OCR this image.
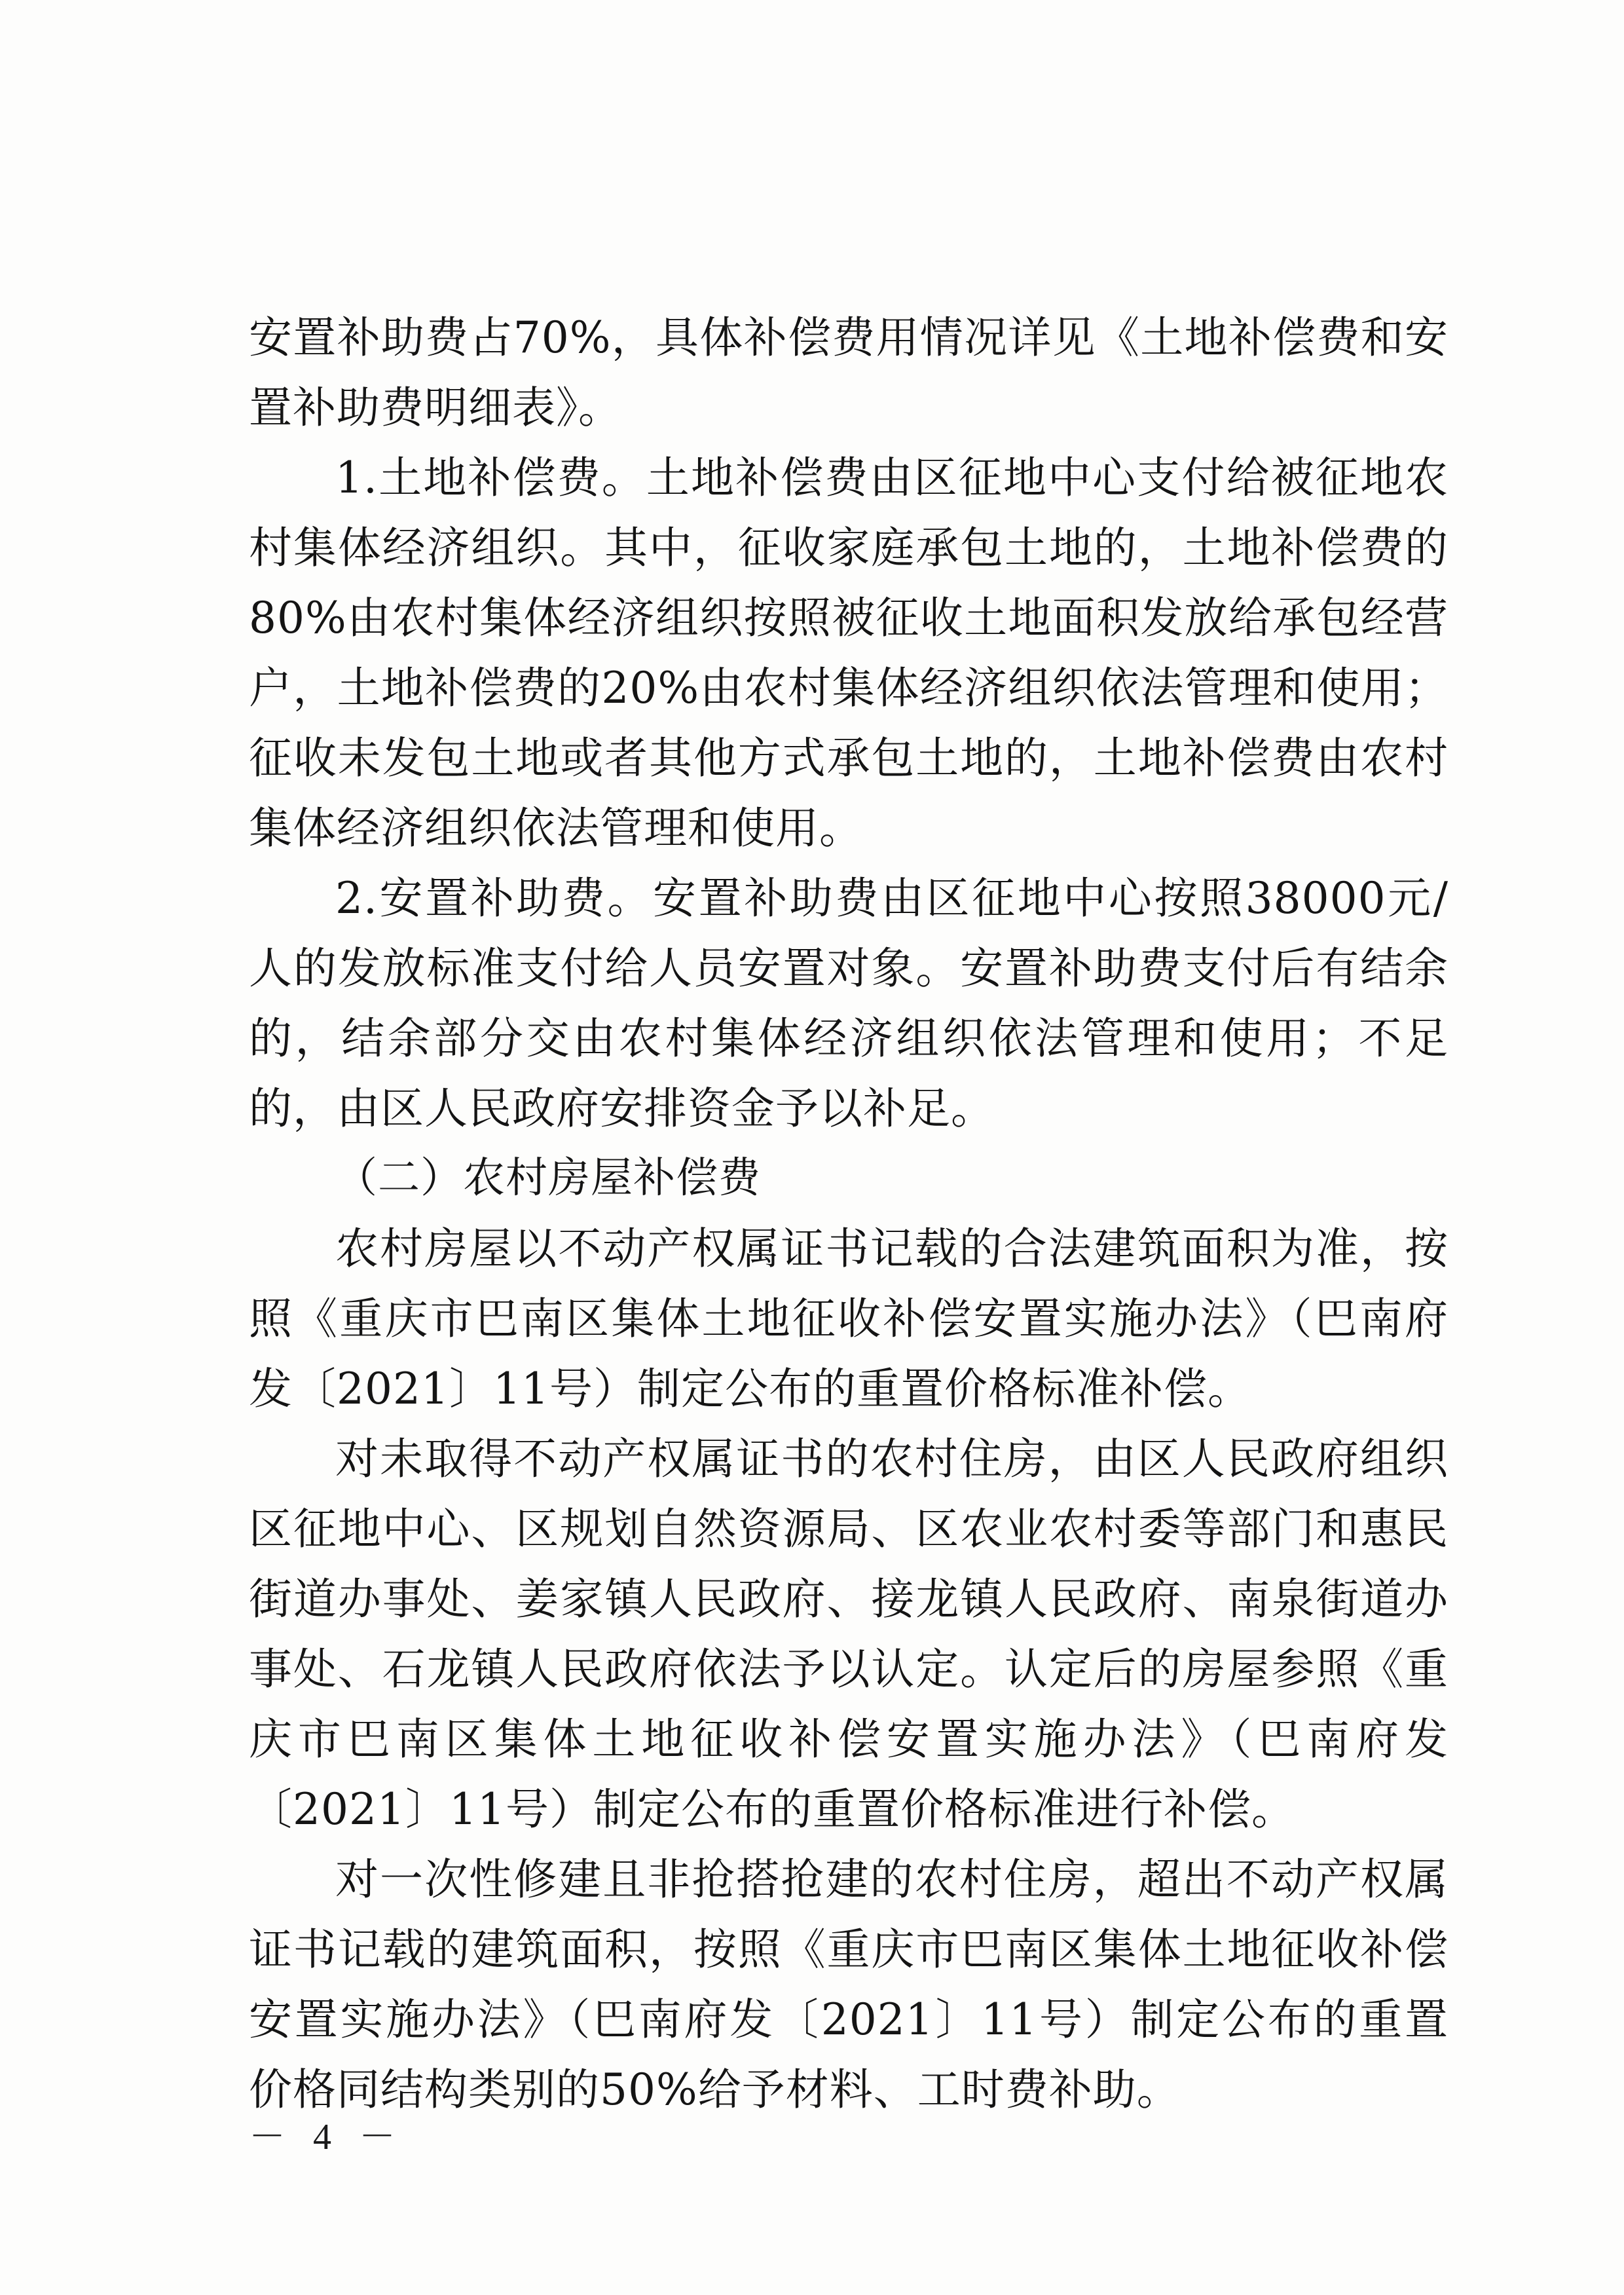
安置补助费占70%，具体补偿费用情况详见《土地补偿费和安置补助费明细表》。

1.土地补偿费。土地补偿费由区征地中心支付给被征地农村集体经济组织。其中，征收家庭承包土地的，土地补偿费的80%由农村集体经济组织按照被征收土地面积发放给承包经营户，土地补偿费的20%由农村集体经济组织依法管理和使用；征收未发包土地或者其他方式承包土地的，土地补偿费由农村集体经济组织依法管理和使用。

2.安置补助费。安置补助费由区征地中心按照38000元/人的发放标准支付给人员安置对象。安置补助费支付后有结余的，结余部分交由农村集体经济组织依法管理和使用；不足的，由区人民政府安排资金予以补足。

（二）农村房屋补偿费

农村房屋以不动产权属证书记载的合法建筑面积为准，按照《重庆市巴南区集体土地征收补偿安置实施办法》（巴南府发〔2021〕11号）制定公布的重置价格标准补偿。

对未取得不动产权属证书的农村住房，由区人民政府组织区征地中心、区规划自然资源局、区农业农村委等部门和惠民街道办事处、姜家镇人民政府、接龙镇人民政府、南泉街道办事处、石龙镇人民政府依法予以认定。认定后的房屋参照《重庆市巴南区集体土地征收补偿安置实施办法》（巴南府发〔2021〕11号）制定公布的重置价格标准进行补偿。

对一次性修建且非抢搭抢建的农村住房，超出不动产权属证书记载的建筑面积，按照《重庆市巴南区集体土地征收补偿安置实施办法》（巴南府发〔2021〕11号）制定公布的重置价格同结构类别的50%给予材料、工时费补助。

－ 4 －
